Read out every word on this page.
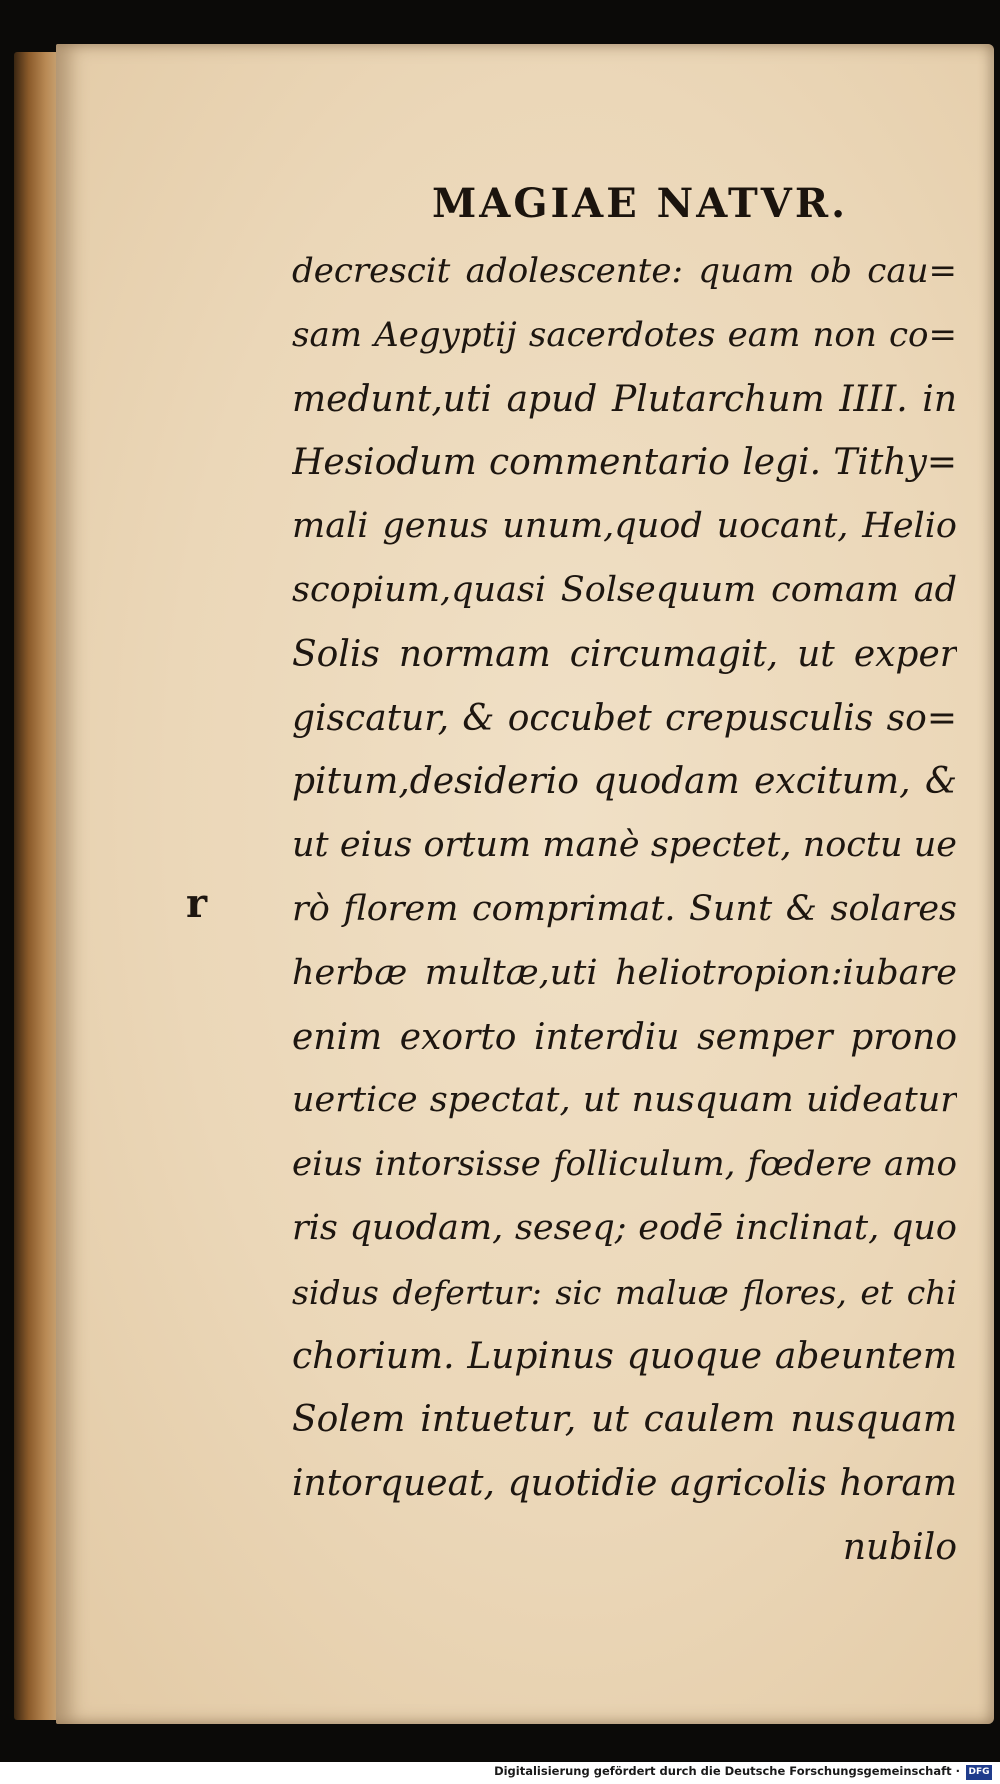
MAGIAE NATVR.
r
decrescit adolescente: quam ob cau=
sam Aegyptij sacerdotes eam non co=
medunt,uti apud Plutarchum IIII. in
Hesiodum commentario legi. Tithy=
mali genus unum,quod uocant, Helio
scopium,quasi Solsequum comam ad
Solis normam circumagit, ut exper
giscatur, & occubet crepusculis so=
pitum,desiderio quodam excitum, &
ut eius ortum manè spectet, noctu ue
rò florem comprimat. Sunt & solares
herbæ multæ,uti heliotropion:iubare
enim exorto interdiu semper prono
uertice spectat, ut nusquam uideatur
eius intorsisse folliculum, fœdere amo
ris quodam, seseq; eodē inclinat, quo
sidus defertur: sic maluæ flores, et chi
chorium. Lupinus quoque abeuntem
Solem intuetur, ut caulem nusquam
intorqueat, quotidie agricolis horam
nubilo
Digitalisierung gefördert durch die Deutsche Forschungsgemeinschaft · DFG
